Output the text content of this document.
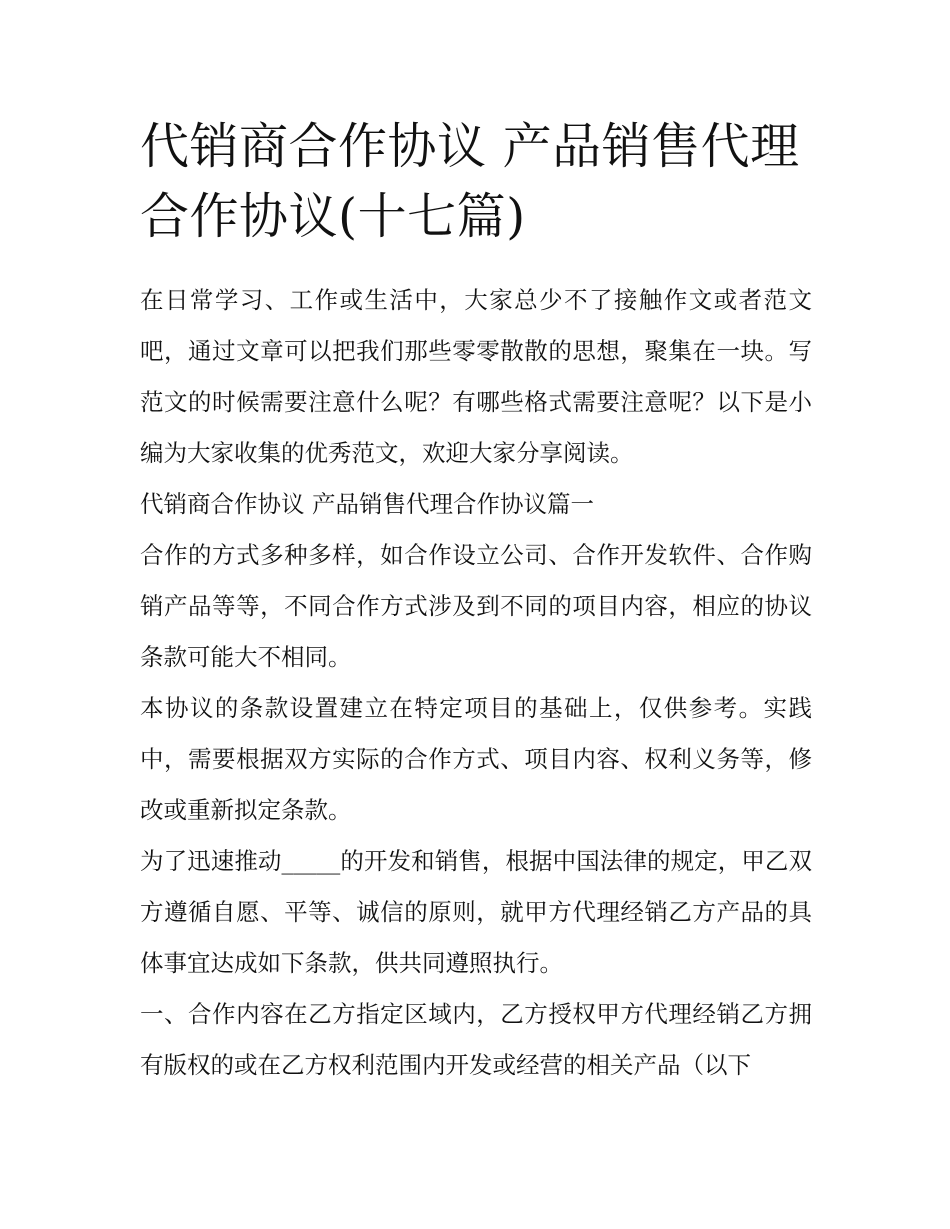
代销商合作协议 产品销售代理合作协议(十七篇)

在日常学习、工作或生活中，大家总少不了接触作文或者范文吧，通过文章可以把我们那些零零散散的思想，聚集在一块。写范文的时候需要注意什么呢？有哪些格式需要注意呢？以下是小编为大家收集的优秀范文，欢迎大家分享阅读。

代销商合作协议 产品销售代理合作协议篇一

合作的方式多种多样，如合作设立公司、合作开发软件、合作购销产品等等，不同合作方式涉及到不同的项目内容，相应的协议条款可能大不相同。

本协议的条款设置建立在特定项目的基础上，仅供参考。实践中，需要根据双方实际的合作方式、项目内容、权利义务等，修改或重新拟定条款。

为了迅速推动_____的开发和销售，根据中国法律的规定，甲乙双方遵循自愿、平等、诚信的原则，就甲方代理经销乙方产品的具体事宜达成如下条款，供共同遵照执行。

一、合作内容在乙方指定区域内，乙方授权甲方代理经销乙方拥有版权的或在乙方权利范围内开发或经营的相关产品（以下
